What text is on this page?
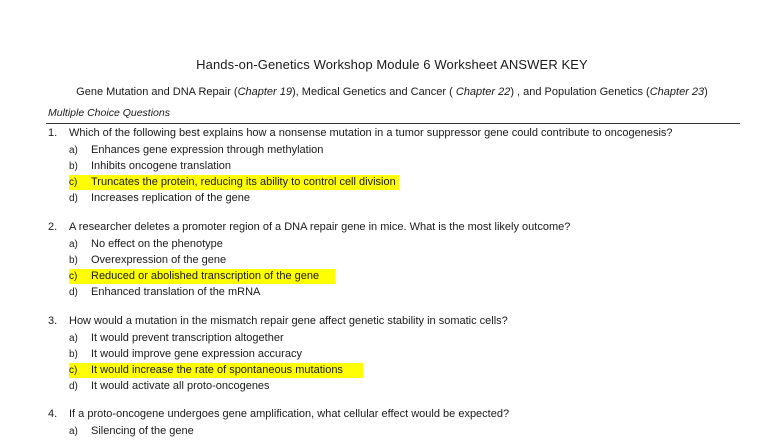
Hands-on-Genetics Workshop Module 6 Worksheet ANSWER KEY
Gene Mutation and DNA Repair (Chapter 19), Medical Genetics and Cancer ( Chapter 22) , and Population Genetics (Chapter 23)
Multiple Choice Questions
1. Which of the following best explains how a nonsense mutation in a tumor suppressor gene could contribute to oncogenesis?
a) Enhances gene expression through methylation
b) Inhibits oncogene translation
c) Truncates the protein, reducing its ability to control cell division
d) Increases replication of the gene
2. A researcher deletes a promoter region of a DNA repair gene in mice. What is the most likely outcome?
a) No effect on the phenotype
b) Overexpression of the gene
c) Reduced or abolished transcription of the gene
d) Enhanced translation of the mRNA
3. How would a mutation in the mismatch repair gene affect genetic stability in somatic cells?
a) It would prevent transcription altogether
b) It would improve gene expression accuracy
c) It would increase the rate of spontaneous mutations
d) It would activate all proto-oncogenes
4. If a proto-oncogene undergoes gene amplification, what cellular effect would be expected?
a) Silencing of the gene
